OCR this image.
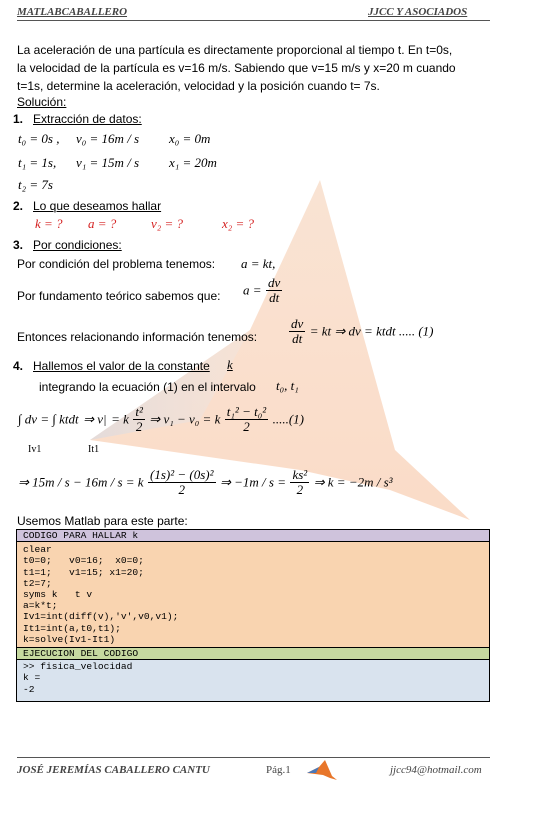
MATLABCABALLERO	JJCC Y ASOCIADOS
La aceleración de una partícula es directamente proporcional al tiempo t. En t=0s,
la velocidad de la partícula es v=16 m/s. Sabiendo que v=15 m/s y x=20 m cuando
t=1s, determine la aceleración, velocidad y la posición cuando t= 7s.
Solución:
1. Extracción de datos:
t₀ = 0s , v₀ = 16m / s x₀ = 0m
t₁ = 1s, v₁ = 15m / s x₁ = 20m
t₂ = 7s
2. Lo que deseamos hallar
k = ? a = ?	v₂ = ?	x₂ = ?
3. Por condiciones:
Por condición del problema tenemos: a = kt,
Por fundamento teórico sabemos que: $a = \frac{dv}{dt}$
Entonces relacionando información tenemos: $\frac{dv}{dt}$ = kt ⇒ dv = ktdt ..... (1)
4. Hallemos el valor de la constante k
integrando la ecuación (1) en el intervalo t₀, t₁
∫ dv = ∫ ktdt ⇒ v| = k $\frac{\text{t²}}{2}$ ⇒ v₁ − v₀ = k $\frac{\text{t₁² − t₀²}}{2} .....(1)$
Iv1	It1
⇒ 15m / s − 16m / s = k $\frac{\text{(1s)² − (0s)²}}{2}$ ⇒ $-1m / s = \frac{\text{ks²}}{2}$ ⇒ k = −2m / s³
Usemos Matlab para este parte:
CODIGO PARA HALLAR k
clear
t0=0;   v0=16;  x0=0;
t1=1;   v1=15; x1=20;
t2=7;
syms k   t v
a=k*t;
Iv1=int(diff(v),'v',v0,v1);
It1=int(a,t0,t1);
k=solve(Iv1-It1)
EJECUCION DEL CODIGO
>> fisica_velocidad
k =
-2
JOSÉ JEREMÍAS CABALLERO CANTU	Pág.1	jjcc94@hotmail.com
